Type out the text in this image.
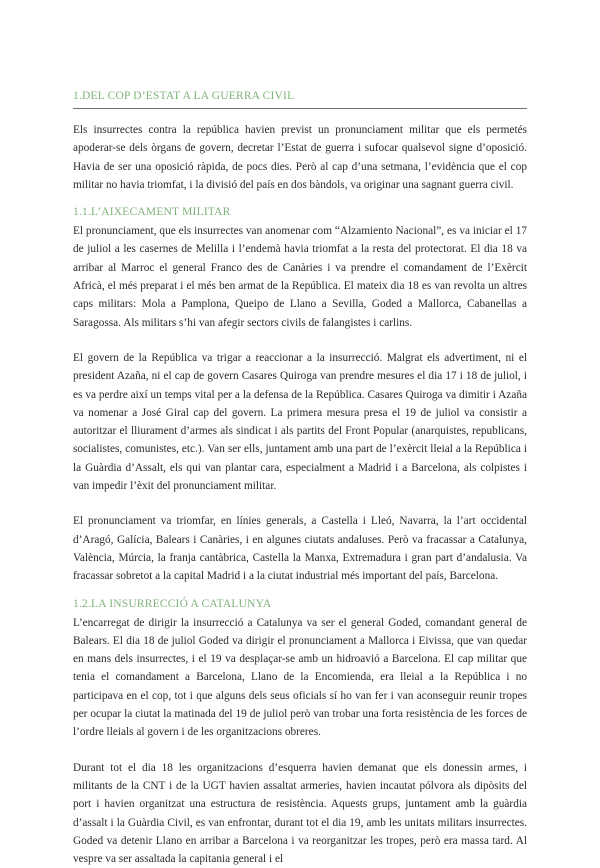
1.DEL COP D’ESTAT A LA GUERRA CIVIL

Els insurrectes contra la república havien previst un pronunciament militar que els permetés apoderar-se dels òrgans de govern, decretar l’Estat de guerra i sufocar qualsevol signe d’oposició. Havia de ser una oposició ràpida, de pocs dies. Però al cap d’una setmana, l’evidència que el cop militar no havia triomfat, i la divisió del país en dos bàndols, va originar una sagnant guerra civil.

1.1.L’AIXECAMENT MILITAR

El pronunciament, que els insurrectes van anomenar com “Alzamiento Nacional”, es va iniciar el 17 de juliol a les casernes de Melilla i l’endemà havia triomfat a la resta del protectorat. El dia 18 va arribar al Marroc el general Franco des de Canàries i va prendre el comandament de l’Exèrcit Africà, el més preparat i el més ben armat de la República. El mateix dia 18 es van revolta un altres caps militars: Mola a Pamplona, Queipo de Llano a Sevilla, Goded a Mallorca, Cabanellas a Saragossa. Als militars s’hi van afegir sectors civils de falangistes i carlins.

El govern de la República va trigar a reaccionar a la insurrecció. Malgrat els advertiment, ni el president Azaña, ni el cap de govern Casares Quiroga van prendre mesures el dia 17 i 18 de juliol, i es va perdre així un temps vital per a la defensa de la República. Casares Quiroga va dimitir i Azaña va nomenar a José Giral cap del govern. La primera mesura presa el 19 de juliol va consistir a autoritzar el lliurament d’armes als sindicat i als partits del Front Popular (anarquistes, republicans, socialistes, comunistes, etc.). Van ser ells, juntament amb una part de l’exèrcit lleial a la República i la Guàrdia d’Assalt, els qui van plantar cara, especialment a Madrid i a Barcelona, als colpistes i van impedir l’èxit del pronunciament militar.

El pronunciament va triomfar, en línies generals, a Castella i Lleó, Navarra, la l’art occidental d’Aragó, Galícia, Balears i Canàries, i en algunes ciutats andaluses. Però va fracassar a Catalunya, València, Múrcia, la franja cantàbrica, Castella la Manxa, Extremadura i gran part d’andalusia. Va fracassar sobretot a la capital Madrid i a la ciutat industrial més important del país, Barcelona.

1.2.LA INSURRECCIÓ A CATALUNYA

L’encarregat de dirigir la insurrecció a Catalunya va ser el general Goded, comandant general de Balears. El dia 18 de juliol Goded va dirigir el pronunciament a Mallorca i Eivissa, que van quedar en mans dels insurrectes, i el 19 va desplaçar-se amb un hidroavió a Barcelona. El cap militar que tenia el comandament a Barcelona, Llano de la Encomienda, era lleial a la República i no participava en el cop, tot i que alguns dels seus oficials sí ho van fer i van aconseguir reunir tropes per ocupar la ciutat la matinada del 19 de juliol però van trobar una forta resistència de les forces de l’ordre lleials al govern i de les organitzacions obreres.

Durant tot el dia 18 les organitzacions d’esquerra havien demanat que els donessin armes, i militants de la CNT i de la UGT havien assaltat armeries, havien incautat pólvora als dipòsits del port i havien organitzat una estructura de resistència. Aquests grups, juntament amb la guàrdia d’assalt i la Guàrdia Civil, es van enfrontar, durant tot el dia 19, amb les unitats militars insurrectes. Goded va detenir Llano en arribar a Barcelona i va reorganitzar les tropes, però era massa tard. Al vespre va ser assaltada la capitania general i el
